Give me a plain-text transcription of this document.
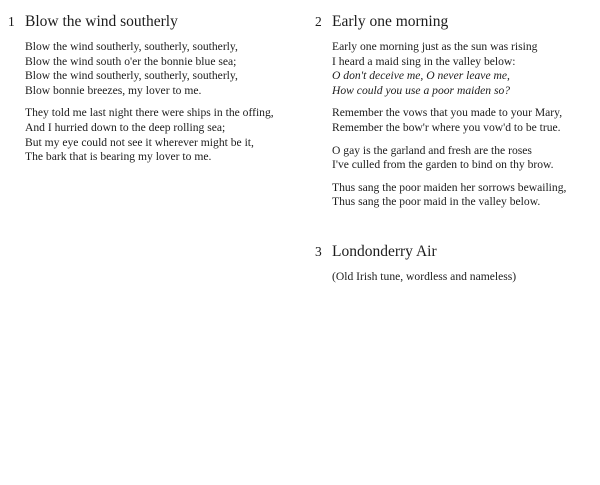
1 Blow the wind southerly
Blow the wind southerly, southerly, southerly,
Blow the wind south o'er the bonnie blue sea;
Blow the wind southerly, southerly, southerly,
Blow bonnie breezes, my lover to me.
They told me last night there were ships in the offing,
And I hurried down to the deep rolling sea;
But my eye could not see it wherever might be it,
The bark that is bearing my lover to me.
2 Early one morning
Early one morning just as the sun was rising
I heard a maid sing in the valley below:
O don't deceive me, O never leave me,
How could you use a poor maiden so?
Remember the vows that you made to your Mary,
Remember the bow'r where you vow'd to be true.
O gay is the garland and fresh are the roses
I've culled from the garden to bind on thy brow.
Thus sang the poor maiden her sorrows bewailing,
Thus sang the poor maid in the valley below.
3 Londonderry Air
(Old Irish tune, wordless and nameless)
